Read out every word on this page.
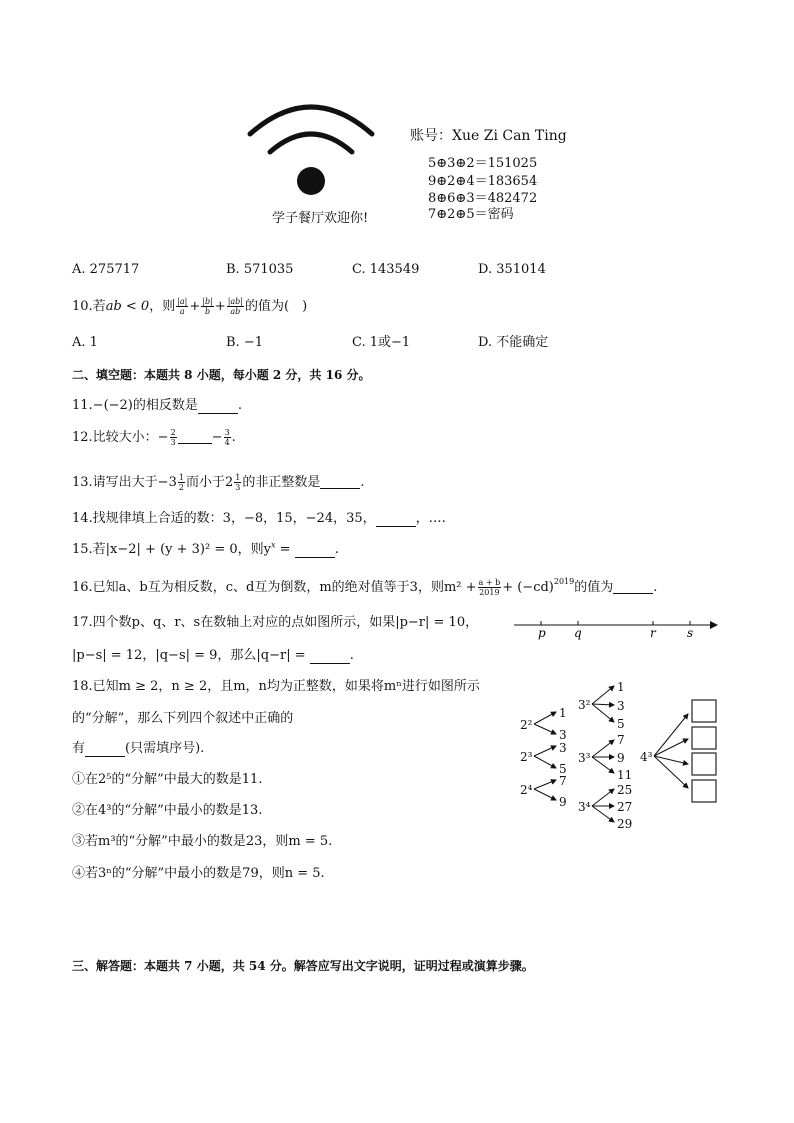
学子餐厅欢迎你!
账号：Xue Zi Can Ting
5⊕3⊕2＝151025
9⊕2⊕4＝183654
8⊕6⊕3＝482472
7⊕2⊕5＝密码
A. 275717	B. 571035	C. 143549	D. 351014
10.若 ab < 0 ，则 $\frac{|a|}{a} + \frac{|b|}{b} + \frac{|ab|}{ab}$ 的值为(　)
A. 1	B. −1	C. 1或−1	D. 不能确定
二、填空题：本题共 8 小题，每小题 2 分，共 16 分。
11.−(−2)的相反数是	.
12.比较大小：− $\frac{2}{3}$	− $\frac{3}{4}$ .
13.请写出大于$-3 \frac{1}{2}$ 而小于$2 \frac{1}{3}$ 的非正整数是	.
14.找规律填上合适的数：3，−8，15，−24，35，	，….
15.若|x−2| + (y + 3)² = 0，则$y^x$ =	.
16.已知a、b互为相反数，c、d互为倒数，m的绝对值等于3，则$m^2 + \frac{a + b}{2019} + (-cd)^{2019}$ 的值为	.
17.四个数p、q、r、s在数轴上对应的点如图所示，如果|p−r| = 10，
|p−s| = 12，|q−s| = 9，那么|q−r| =	.
p q	r	s
18.已知m ≥ 2，n ≥ 2，且m，n均为正整数，如果将mⁿ进行如图所示
的“分解”，那么下列四个叙述中正确的
有	(只需填序号).
①在2⁵的“分解”中最大的数是11.
②在4³的“分解”中最小的数是13.
③若m³的“分解”中最小的数是23，则m = 5.
④若3ⁿ的“分解”中最小的数是79，则n = 5.
2²
2³
2⁴
3²
3³
3⁴
4³
1
3
3
5
7
9
1
3
5
7
9
11
25
27
29
三、解答题：本题共 7 小题，共 54 分。解答应写出文字说明，证明过程或演算步骤。
